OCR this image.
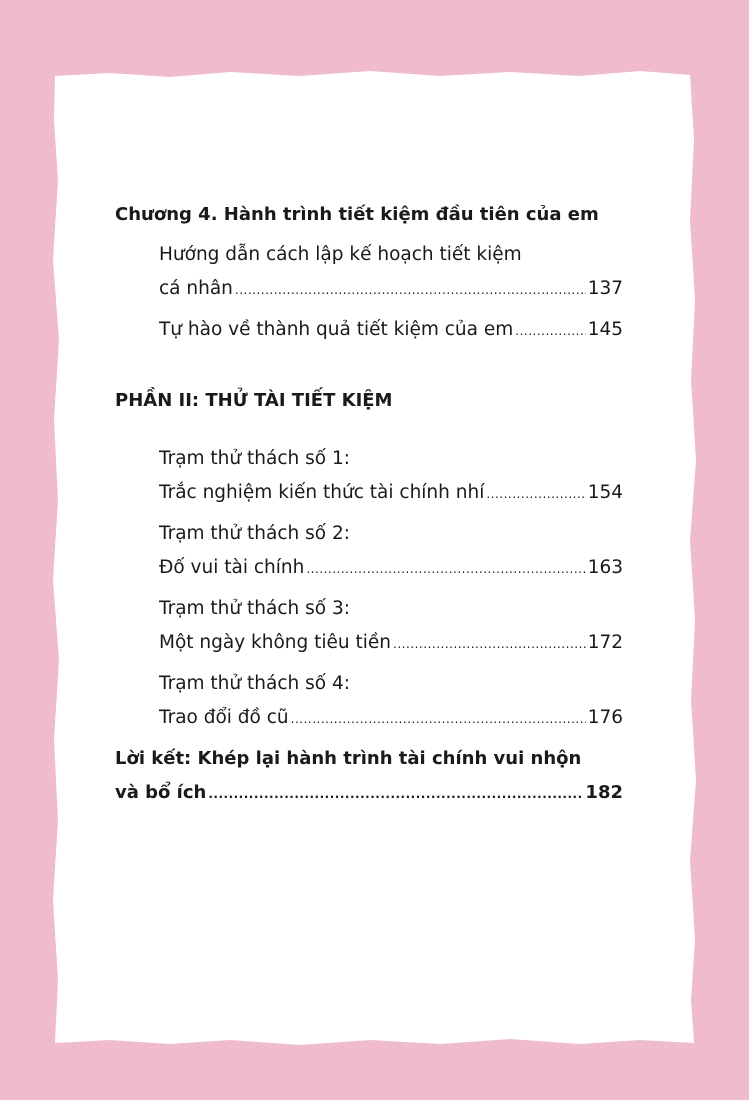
Chương 4. Hành trình tiết kiệm đầu tiên của em
Hướng dẫn cách lập kế hoạch tiết kiệm
cá nhân .....	137
Tự hào về thành quả tiết kiệm của em .....	145
PHẦN II: THỬ TÀI TIẾT KIỆM
Trạm thử thách số 1:
Trắc nghiệm kiến thức tài chính nhí .....	154
Trạm thử thách số 2:
Đố vui tài chính .....	163
Trạm thử thách số 3:
Một ngày không tiêu tiền .....	172
Trạm thử thách số 4:
Trao đổi đồ cũ .....	176
Lời kết: Khép lại hành trình tài chính vui nhộn
và bổ ích .....	182
